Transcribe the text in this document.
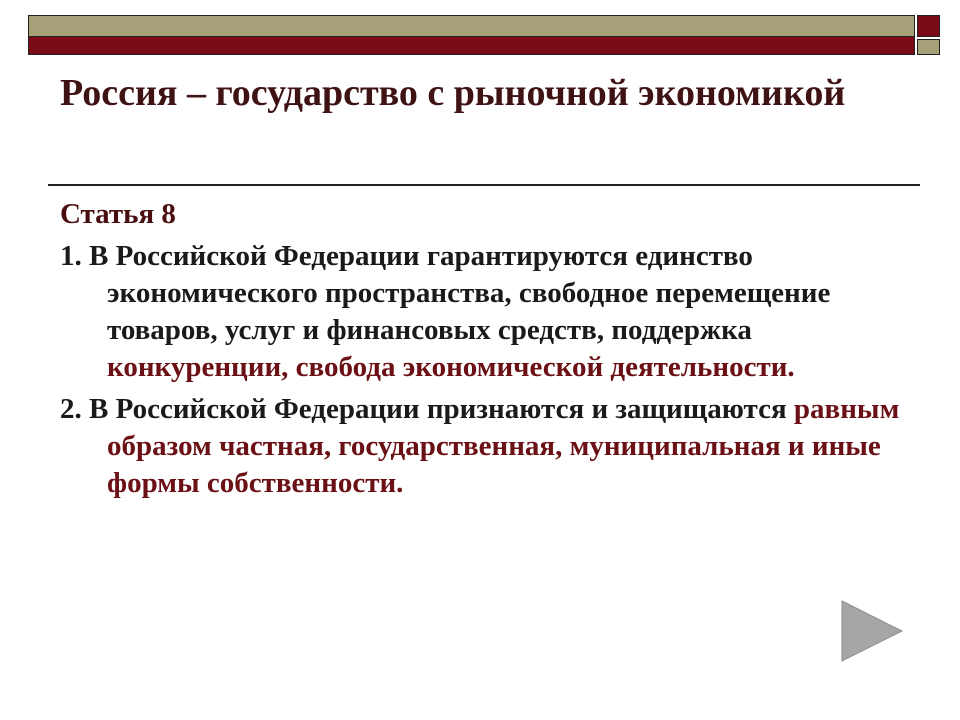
Россия – государство с рыночной экономикой

Статья 8

1. В Российской Федерации гарантируются единство экономического пространства, свободное перемещение товаров, услуг и финансовых средств, поддержка конкуренции, свобода экономической деятельности.

2. В Российской Федерации признаются и защищаются равным образом частная, государственная, муниципальная и иные формы собственности.
